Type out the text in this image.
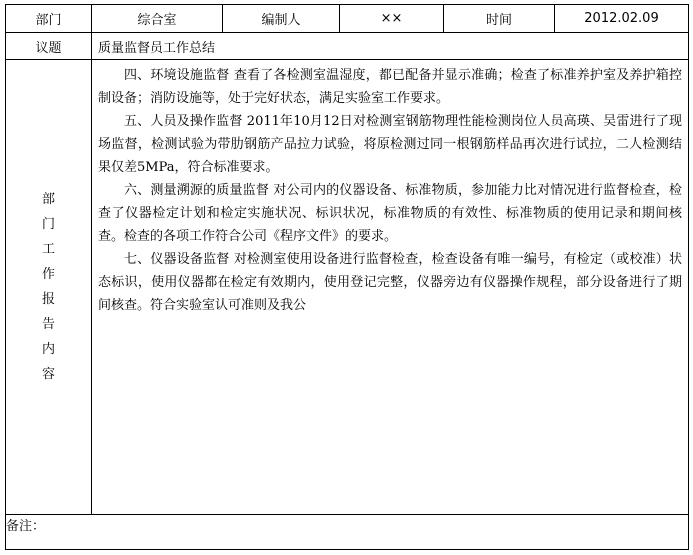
部门	综合室	编制人	××	时间	2012.02.09
议题	质量监督员工作总结				
部门工作报告内容	四、环境设施监督 查看了各检测室温湿度，都已配备并显示准确；检查了标准养护室及养护箱控制设备；消防设施等，处于完好状态，满足实验室工作要求。

五、人员及操作监督 2011年10月12日对检测室钢筋物理性能检测岗位人员高瑛、吴雷进行了现场监督，检测试验为带肋钢筋产品拉力试验，将原检测过同一根钢筋样品再次进行试拉，二人检测结果仅差5MPa，符合标准要求。

六、测量溯源的质量监督 对公司内的仪器设备、标准物质，参加能力比对情况进行监督检查，检查了仪器检定计划和检定实施状况、标识状况，标准物质的有效性、标准物质的使用记录和期间核查。检查的各项工作符合公司《程序文件》的要求。

七、仪器设备监督 对检测室使用设备进行监督检查，检查设备有唯一编号，有检定（或校准）状态标识，使用仪器都在检定有效期内，使用登记完整，仪器旁边有仪器操作规程，部分设备进行了期间核查。符合实验室认可准则及我公				

备注：					
